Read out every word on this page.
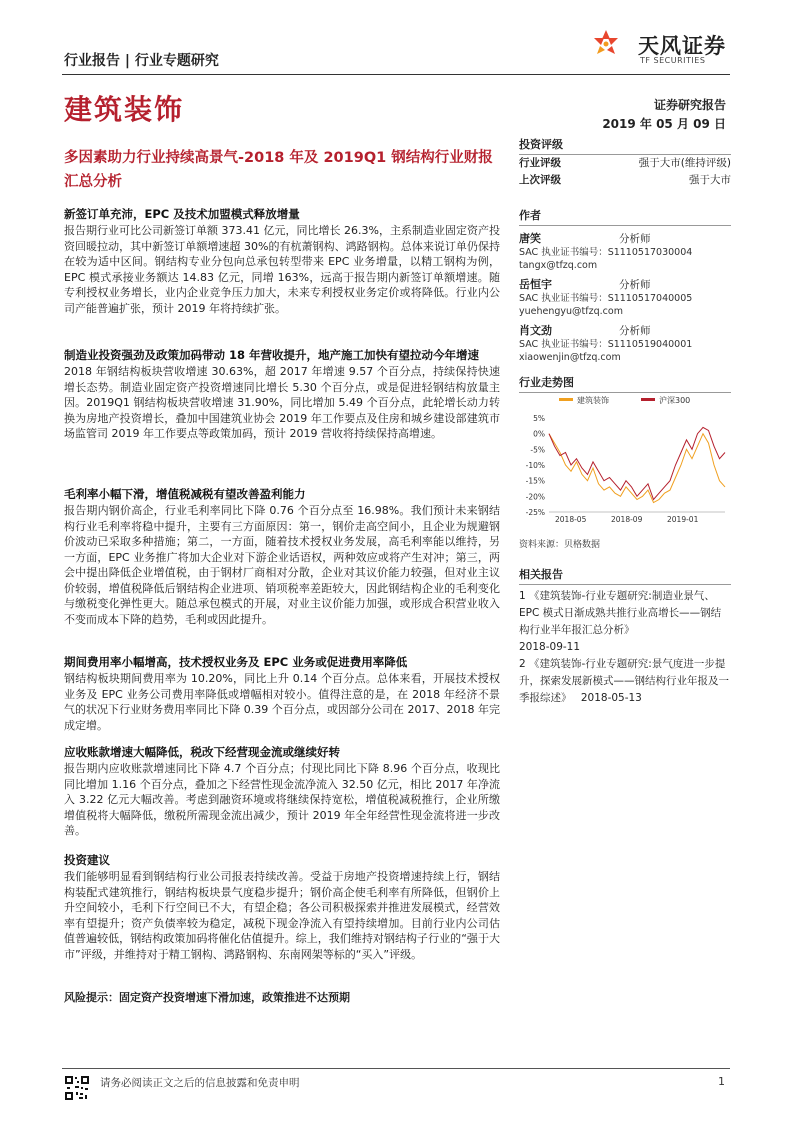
行业报告 | 行业专题研究
天风证券
TF SECURITIES
建筑装饰	证券研究报告
2019 年 05 月 09 日
多因素助力行业持续高景气-2018 年及 2019Q1 钢结构行业财报汇总分析
新签订单充沛，EPC 及技术加盟模式释放增量
报告期行业可比公司新签订单额 373.41 亿元，同比增长 26.3%，主系制造业固定资产投资回暖拉动，其中新签订单额增速超 30%的有杭萧钢构、鸿路钢构。总体来说订单仍保持在较为适中区间。钢结构专业分包向总承包转型带来 EPC 业务增量，以精工钢构为例，EPC 模式承接业务额达 14.83 亿元，同增 163%，远高于报告期内新签订单额增速。随专利授权业务增长，业内企业竞争压力加大，未来专利授权业务定价或将降低。行业内公司产能普遍扩张，预计 2019 年将持续扩张。
制造业投资强劲及政策加码带动 18 年营收提升，地产施工加快有望拉动今年增速
2018 年钢结构板块营收增速 30.63%，超 2017 年增速 9.57 个百分点，持续保持快速增长态势。制造业固定资产投资增速同比增长 5.30 个百分点，或是促进轻钢结构放量主因。2019Q1 钢结构板块营收增速 31.90%，同比增加 5.49 个百分点，此轮增长动力转换为房地产投资增长，叠加中国建筑业协会 2019 年工作要点及住房和城乡建设部建筑市场监管司 2019 年工作要点等政策加码，预计 2019 营收将持续保持高增速。
毛利率小幅下滑，增值税减税有望改善盈利能力
报告期内钢价高企，行业毛利率同比下降 0.76 个百分点至 16.98%。我们预计未来钢结构行业毛利率将稳中提升，主要有三方面原因：第一，钢价走高空间小，且企业为规避钢价波动已采取多种措施；第二，一方面，随着技术授权业务发展，高毛利率能以维持，另一方面，EPC 业务推广将加大企业对下游企业话语权，两种效应或将产生对冲；第三，两会中提出降低企业增值税，由于钢材厂商相对分散，企业对其议价能力较强，但对业主议价较弱，增值税降低后钢结构企业进项、销项税率差距较大，因此钢结构企业的毛利变化与缴税变化弹性更大。随总承包模式的开展，对业主议价能力加强，或形成合积营业收入不变而成本下降的趋势，毛利或因此提升。
期间费用率小幅增高，技术授权业务及 EPC 业务或促进费用率降低
钢结构板块期间费用率为 10.20%，同比上升 0.14 个百分点。总体来看，开展技术授权业务及 EPC 业务公司费用率降低或增幅相对较小。值得注意的是，在 2018 年经济不景气的状况下行业财务费用率同比下降 0.39 个百分点，或因部分公司在 2017、2018 年完成定增。
应收账款增速大幅降低，税改下经营现金流或继续好转
报告期内应收账款增速同比下降 4.7 个百分点；付现比同比下降 8.96 个百分点，收现比同比增加 1.16 个百分点，叠加之下经营性现金流净流入 32.50 亿元，相比 2017 年净流入 3.22 亿元大幅改善。考虑到融资环境或将继续保持宽松，增值税减税推行，企业所缴增值税将大幅降低，缴税所需现金流出减少，预计 2019 年全年经营性现金流将进一步改善。
投资建议
我们能够明显看到钢结构行业公司报表持续改善。受益于房地产投资增速持续上行，钢结构装配式建筑推行，钢结构板块景气度稳步提升；钢价高企使毛利率有所降低，但钢价上升空间较小，毛利下行空间已不大，有望企稳；各公司积极探索并推进发展模式，经营效率有望提升；资产负债率较为稳定，减税下现金净流入有望持续增加。目前行业内公司估值普遍较低，钢结构政策加码将催化估值提升。综上，我们维持对钢结构子行业的“强于大市”评级，并维持对于精工钢构、鸿路钢构、东南网架等标的“买入”评级。
风险提示：固定资产投资增速下滑加速，政策推进不达预期
投资评级
行业评级	强于大市(维持评级)
上次评级	强于大市
作者
唐笑	分析师
SAC 执业证书编号：S1110517030004
tangx@tfzq.com
岳恒宇	分析师
SAC 执业证书编号：S1110517040005
yuehengyu@tfzq.com
肖文劲	分析师
SAC 执业证书编号：S1110519040001
xiaowenjin@tfzq.com
行业走势图
建筑装饰	沪深300
5%
0%
-5%
-10%
-15%
-20%
-25%
2018-05	2018-09	2019-01
资料来源：贝格数据
相关报告
1 《建筑装饰-行业专题研究:制造业景气、EPC 模式日渐成熟共推行业高增长——钢结构行业半年报汇总分析》
2018-09-11
2 《建筑装饰-行业专题研究:景气度进一步提升，探索发展新模式——钢结构行业年报及一季报综述》 2018-05-13
请务必阅读正文之后的信息披露和免责申明	1
